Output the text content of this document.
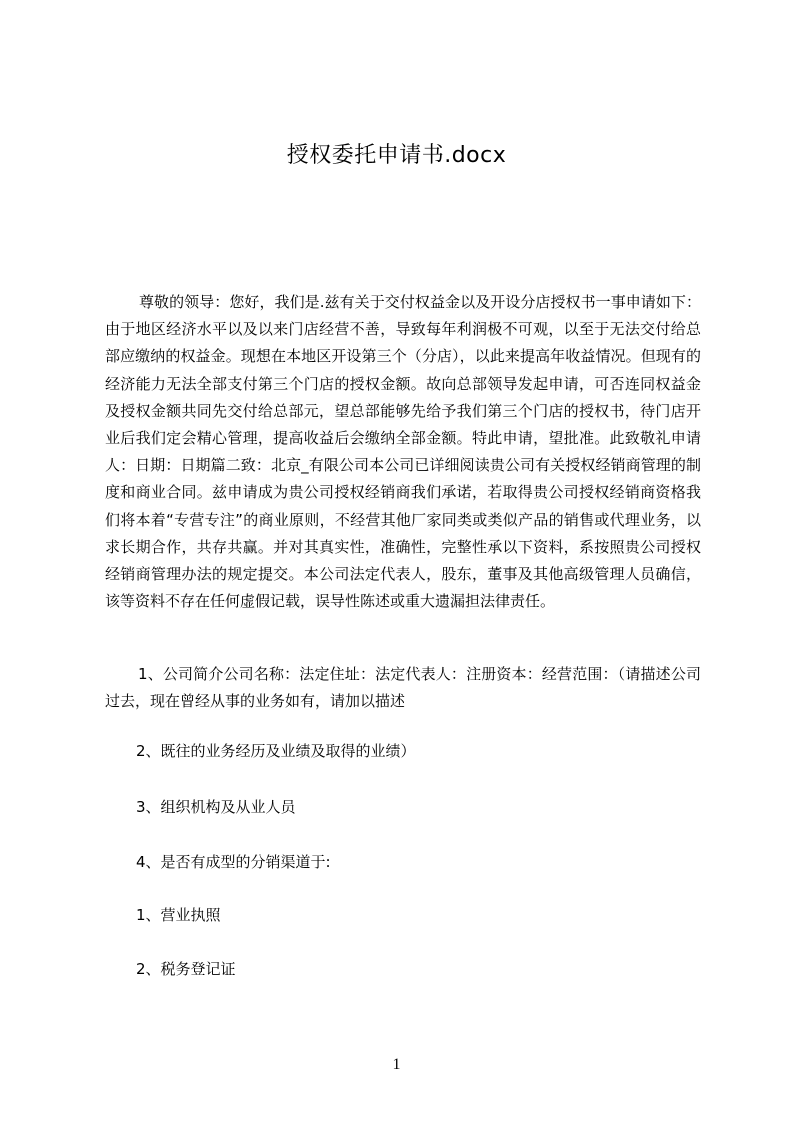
授权委托申请书.docx

尊敬的领导：您好，我们是.兹有关于交付权益金以及开设分店授权书一事申请如下：由于地区经济水平以及以来门店经营不善，导致每年利润极不可观，以至于无法交付给总部应缴纳的权益金。现想在本地区开设第三个（分店），以此来提高年收益情况。但现有的经济能力无法全部支付第三个门店的授权金额。故向总部领导发起申请，可否连同权益金及授权金额共同先交付给总部元，望总部能够先给予我们第三个门店的授权书，待门店开业后我们定会精心管理，提高收益后会缴纳全部金额。特此申请，望批准。此致敬礼申请人：日期：日期篇二致：北京_有限公司本公司已详细阅读贵公司有关授权经销商管理的制度和商业合同。兹申请成为贵公司授权经销商我们承诺，若取得贵公司授权经销商资格我们将本着“专营专注”的商业原则，不经营其他厂家同类或类似产品的销售或代理业务，以求长期合作，共存共赢。并对其真实性，准确性，完整性承以下资料，系按照贵公司授权经销商管理办法的规定提交。本公司法定代表人，股东，董事及其他高级管理人员确信，该等资料不存在任何虚假记载，误导性陈述或重大遗漏担法律责任。

1、公司简介公司名称：法定住址：法定代表人：注册资本：经营范围：（请描述公司过去，现在曾经从事的业务如有，请加以描述

2、既往的业务经历及业绩及取得的业绩）
3、组织机构及从业人员
4、是否有成型的分销渠道于:
1、营业执照
2、税务登记证
1
